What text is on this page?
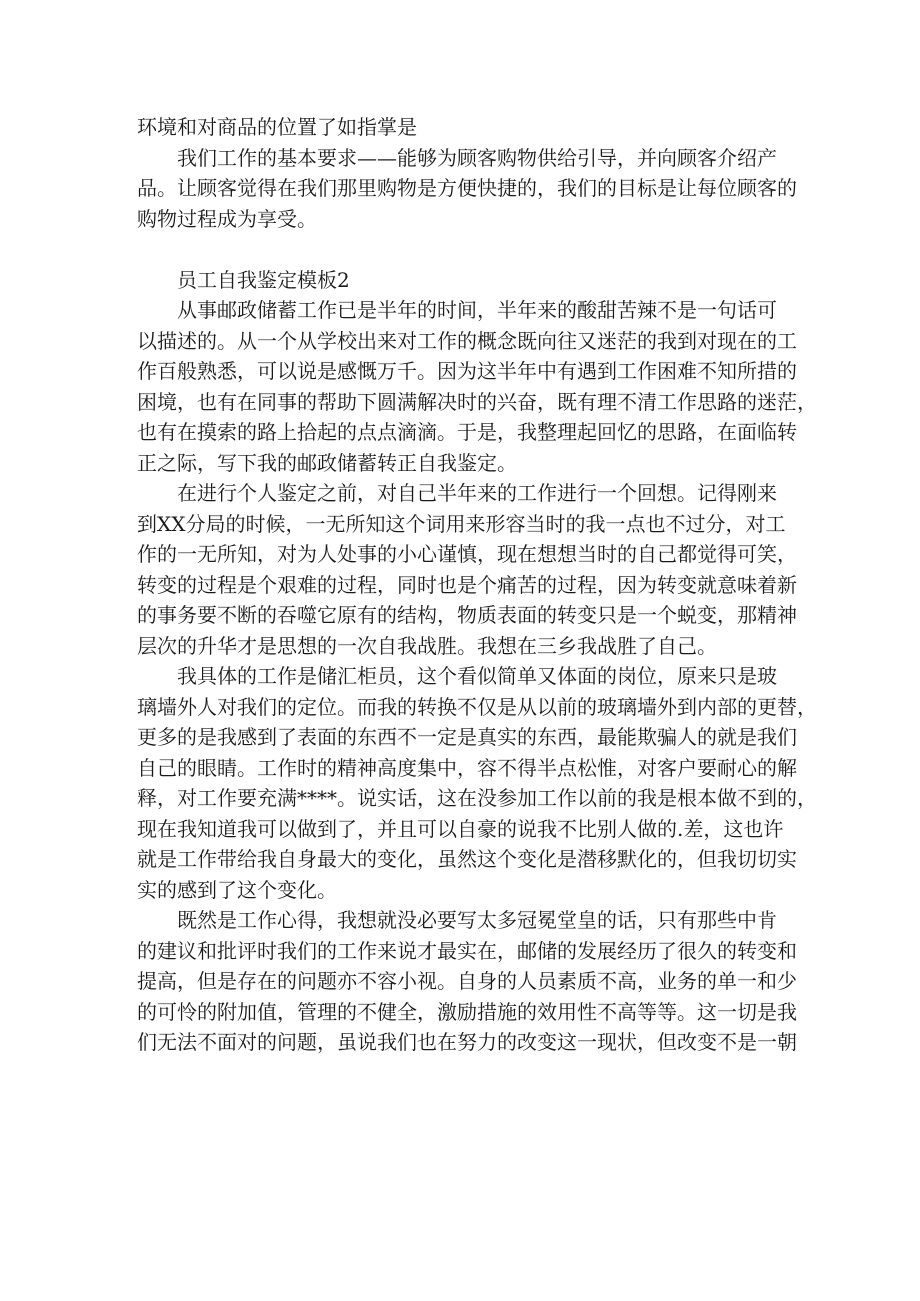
环境和对商品的位置了如指掌是
我们工作的基本要求——能够为顾客购物供给引导，并向顾客介绍产
品。让顾客觉得在我们那里购物是方便快捷的，我们的目标是让每位顾客的
购物过程成为享受。
员工自我鉴定模板2
从事邮政储蓄工作已是半年的时间，半年来的酸甜苦辣不是一句话可
以描述的。从一个从学校出来对工作的概念既向往又迷茫的我到对现在的工
作百般熟悉，可以说是感慨万千。因为这半年中有遇到工作困难不知所措的
困境，也有在同事的帮助下圆满解决时的兴奋，既有理不清工作思路的迷茫，
也有在摸索的路上拾起的点点滴滴。于是，我整理起回忆的思路，在面临转
正之际，写下我的邮政储蓄转正自我鉴定。
在进行个人鉴定之前，对自己半年来的工作进行一个回想。记得刚来
到XX分局的时候，一无所知这个词用来形容当时的我一点也不过分，对工
作的一无所知，对为人处事的小心谨慎，现在想想当时的自己都觉得可笑，
转变的过程是个艰难的过程，同时也是个痛苦的过程，因为转变就意味着新
的事务要不断的吞噬它原有的结构，物质表面的转变只是一个蜕变，那精神
层次的升华才是思想的一次自我战胜。我想在三乡我战胜了自己。
我具体的工作是储汇柜员，这个看似简单又体面的岗位，原来只是玻
璃墙外人对我们的定位。而我的转换不仅是从以前的玻璃墙外到内部的更替，
更多的是我感到了表面的东西不一定是真实的东西，最能欺骗人的就是我们
自己的眼睛。工作时的精神高度集中，容不得半点松惟，对客户要耐心的解
释，对工作要充满****。说实话，这在没参加工作以前的我是根本做不到的，
现在我知道我可以做到了，并且可以自豪的说我不比别人做的.差，这也许
就是工作带给我自身最大的变化，虽然这个变化是潜移默化的，但我切切实
实的感到了这个变化。
既然是工作心得，我想就没必要写太多冠冕堂皇的话，只有那些中肯
的建议和批评时我们的工作来说才最实在，邮储的发展经历了很久的转变和
提高，但是存在的问题亦不容小视。自身的人员素质不高，业务的单一和少
的可怜的附加值，管理的不健全，激励措施的效用性不高等等。这一切是我
们无法不面对的问题，虽说我们也在努力的改变这一现状，但改变不是一朝
